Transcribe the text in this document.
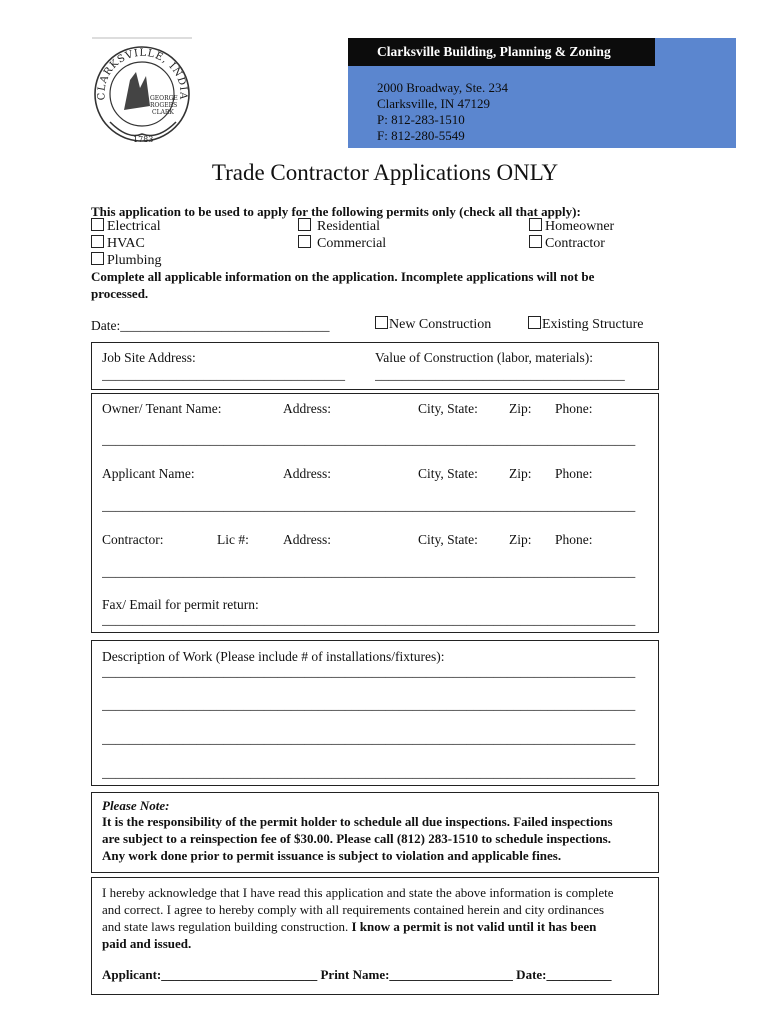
CLARKSVILLE, INDIA
GEORGE
ROGERS
CLARK
1783
Clarksville Building, Planning & Zoning
2000 Broadway, Ste. 234
Clarksville, IN 47129
P: 812-283-1510
F: 812-280-5549
Trade Contractor Applications ONLY
This application to be used to apply for the following permits only (check all that apply):
Electrical
HVAC
Plumbing
Residential
Commercial
Homeowner
Contractor
Complete all applicable information on the application. Incomplete applications will not be processed.
Date:_______________________________	New Construction	Existing Structure
Job Site Address:	Value of Construction (labor, materials):
____________________________________	_____________________________________
Owner/ Tenant Name:	Address:	City, State: Zip: Phone:
_______________________________________________________________________________
Applicant Name:	Address:	City, State: Zip: Phone:
_______________________________________________________________________________
Contractor:	Lic #:	Address:	City, State: Zip: Phone:
_______________________________________________________________________________
Fax/ Email for permit return:
_______________________________________________________________________________
Description of Work (Please include # of installations/fixtures):
_______________________________________________________________________________
_______________________________________________________________________________
_______________________________________________________________________________
_______________________________________________________________________________
Please Note:
It is the responsibility of the permit holder to schedule all due inspections. Failed inspections
are subject to a reinspection fee of $30.00. Please call (812) 283-1510 to schedule inspections.
Any work done prior to permit issuance is subject to violation and applicable fines.
I hereby acknowledge that I have read this application and state the above information is complete
and correct. I agree to hereby comply with all requirements contained herein and city ordinances
and state laws regulation building construction. I know a permit is not valid until it has been
paid and issued.
Applicant:________________________ Print Name:___________________ Date:__________
